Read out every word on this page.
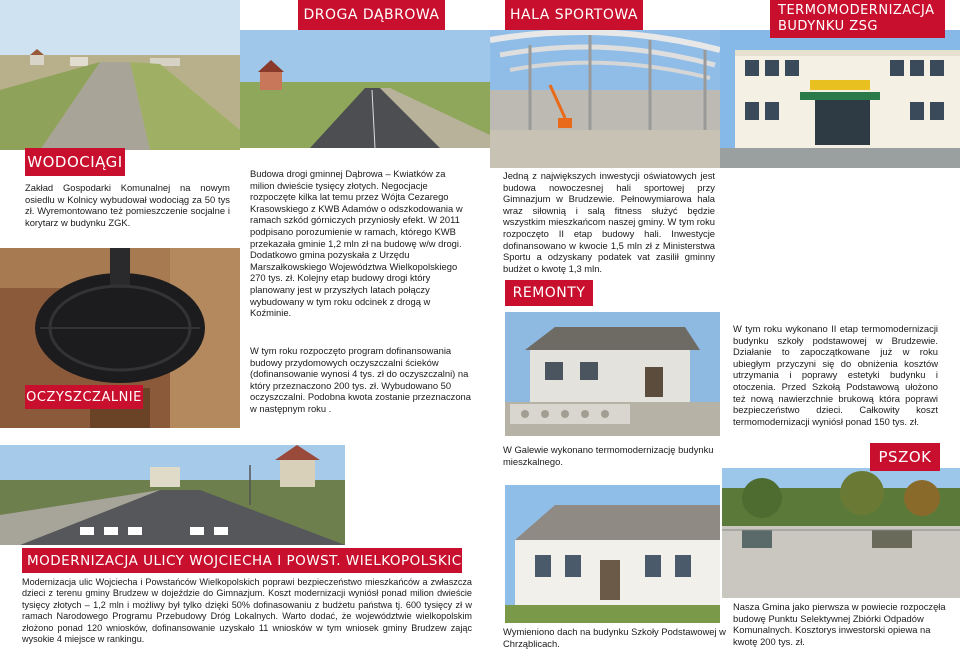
DROGA DĄBROWA	HALA SPORTOWA	TERMOMODERNIZACJA BUDYNKU ZSG
WODOCIĄGI
OCZYSZCZALNIE
REMONTY
PSZOK
MODERNIZACJA ULICY WOJCIECHA I POWST. WIELKOPOLSKICH
Zakład Gospodarki Komunalnej na nowym osiedlu w Kolnicy wybudował wodociąg za 50 tys zł. Wyremontowano też pomieszczenie socjalne i korytarz w budynku ZGK.
Budowa drogi gminnej Dąbrowa – Kwiatków za milion dwieście tysięcy złotych. Negocjacje rozpoczęte kilka lat temu przez Wójta Cezarego Krasowskiego z KWB Adamów o odszkodowania w ramach szkód górniczych przyniosły efekt. W 2011 podpisano porozumienie w ramach, którego KWB przekazała gminie 1,2 mln zł na budowę w/w drogi. Dodatkowo gmina pozyskała z Urzędu Marszałkowskiego Województwa Wielkopolskiego 270 tys. zł. Kolejny etap budowy drogi który planowany jest w przyszłych latach połączy wybudowany w tym roku odcinek z drogą w Koźminie.
Jedną z największych inwestycji oświatowych jest budowa nowoczesnej hali sportowej przy Gimnazjum w Brudzewie. Pełnowymiarowa hala wraz siłownią i salą fitness służyć będzie wszystkim mieszkańcom naszej gminy. W tym roku rozpoczęto II etap budowy hali. Inwestycje dofinansowano w kwocie 1,5 mln zł z Ministerstwa Sportu a odzyskany podatek vat zasilił gminny budżet o kwotę 1,3 mln.
W tym roku wykonano II etap termomodernizacji budynku szkoły podstawowej w Brudzewie. Działanie to zapoczątkowane już w roku ubiegłym przyczyni się do obniżenia kosztów utrzymania i poprawy estetyki budynku i otoczenia. Przed Szkołą Podstawową ułożono też nową nawierzchnie brukową która poprawi bezpieczeństwo dzieci. Całkowity koszt termomodernizacji wyniósł ponad 150 tys. zł.
W tym roku rozpoczęto program dofinansowania budowy przydomowych oczyszczalni ścieków (dofinansowanie wynosi 4 tys. zł do oczyszczalni) na który przeznaczono 200 tys. zł. Wybudowano 50 oczyszczalni. Podobna kwota zostanie przeznaczona w następnym roku .
W Galewie wykonano termomodernizację budynku mieszkalnego.
Modernizacja ulic Wojciecha i Powstańców Wielkopolskich poprawi bezpieczeństwo mieszkańców a zwłaszcza dzieci z terenu gminy Brudzew w dojeździe do Gimnazjum. Koszt modernizacji wyniósł ponad milion dwieście tysięcy złotych – 1,2 mln i możliwy był tylko dzięki 50% dofinasowaniu z budżetu państwa tj. 600 tysięcy zł w ramach Narodowego Programu Przebudowy Dróg Lokalnych. Warto dodać, że województwie wielkopolskim złożono ponad 120 wniosków, dofinansowanie uzyskało 11 wniosków w tym wniosek gminy Brudzew zając wysokie 4 miejsce w rankingu.
Wymieniono dach na budynku Szkoły Podstawowej w Chrząblicach.
Nasza Gmina jako pierwsza w powiecie rozpoczęła budowę Punktu Selektywnej Zbiórki Odpadów Komunalnych. Kosztorys inwestorski opiewa na kwotę 200 tys. zł.
